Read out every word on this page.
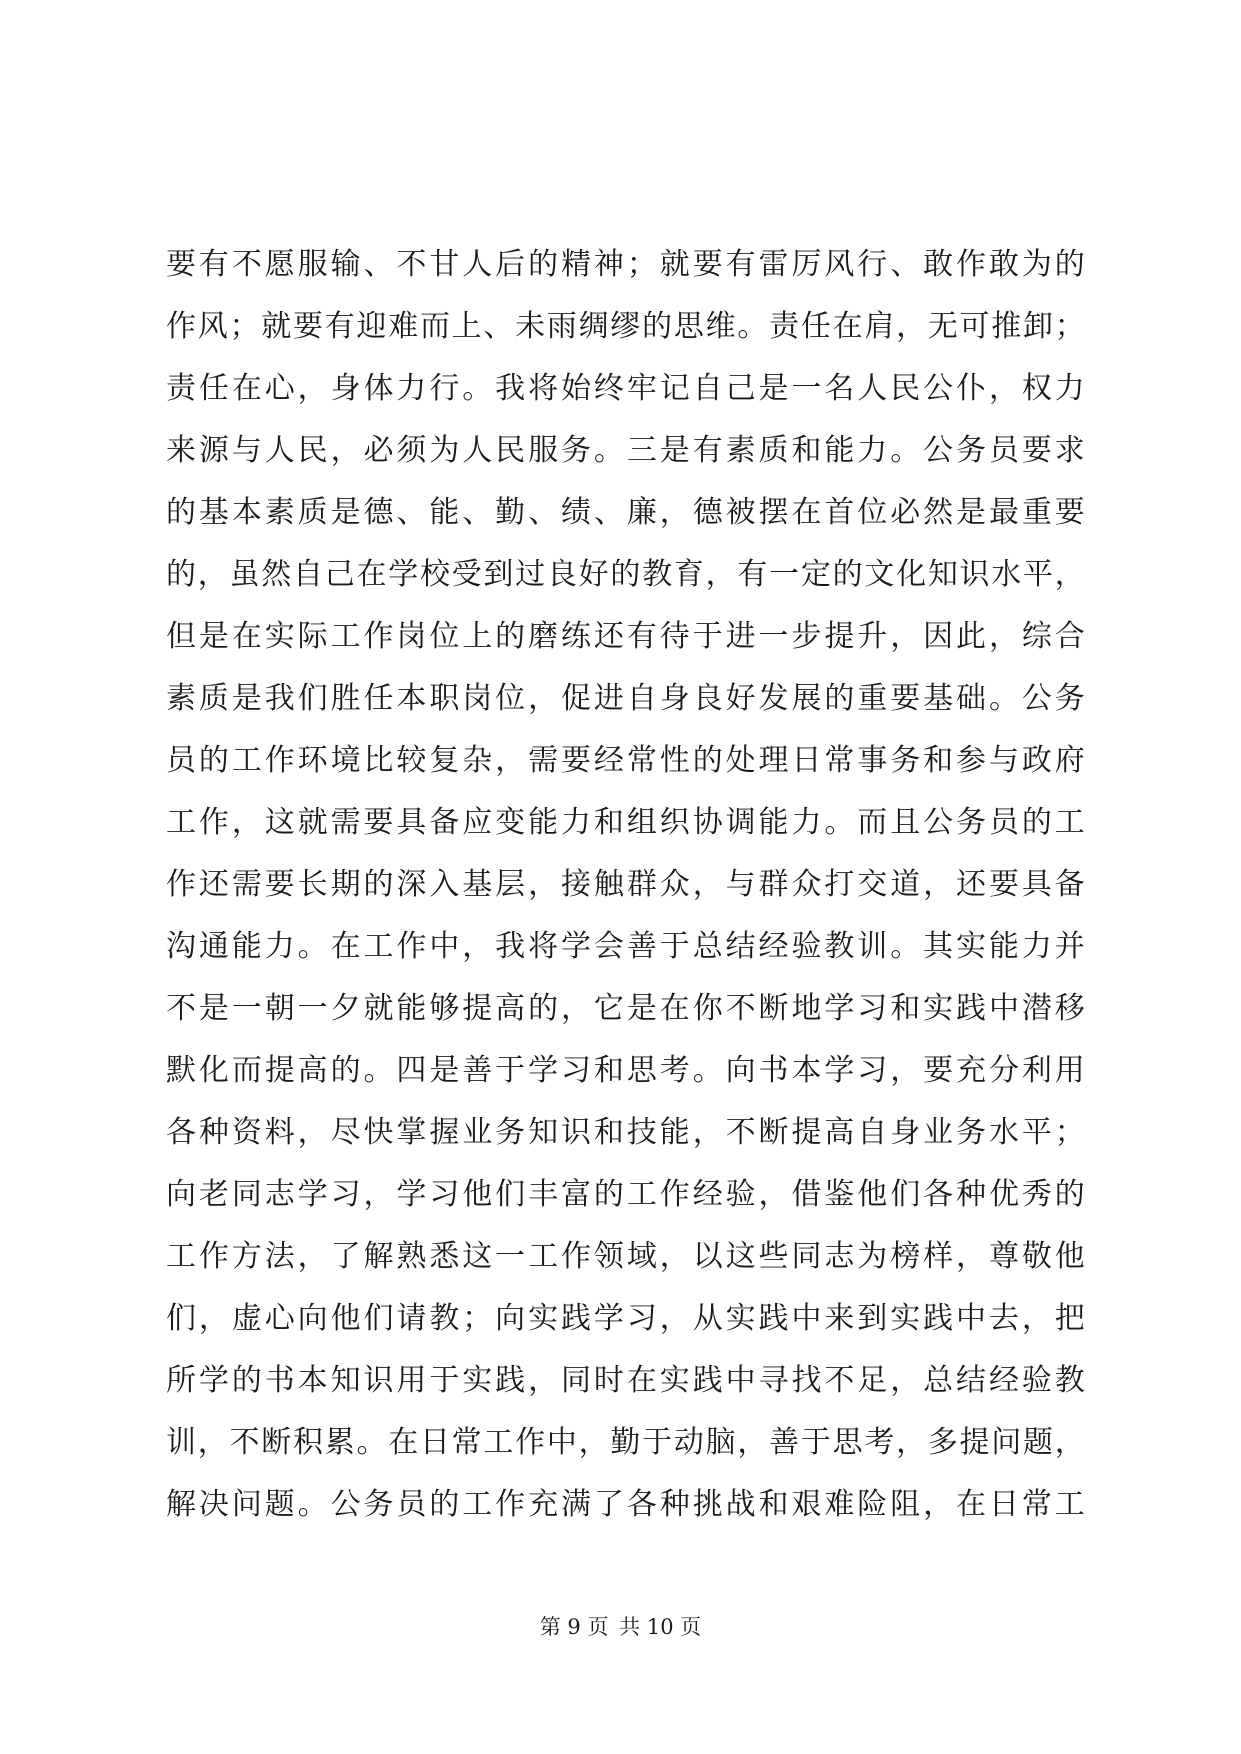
要有不愿服输、不甘人后的精神；就要有雷厉风行、敢作敢为的
作风；就要有迎难而上、未雨绸缪的思维。责任在肩，无可推卸；
责任在心，身体力行。我将始终牢记自己是一名人民公仆，权力
来源与人民，必须为人民服务。三是有素质和能力。公务员要求
的基本素质是德、能、勤、绩、廉，德被摆在首位必然是最重要
的，虽然自己在学校受到过良好的教育，有一定的文化知识水平，
但是在实际工作岗位上的磨练还有待于进一步提升，因此，综合
素质是我们胜任本职岗位，促进自身良好发展的重要基础。公务
员的工作环境比较复杂，需要经常性的处理日常事务和参与政府
工作，这就需要具备应变能力和组织协调能力。而且公务员的工
作还需要长期的深入基层，接触群众，与群众打交道，还要具备
沟通能力。在工作中，我将学会善于总结经验教训。其实能力并
不是一朝一夕就能够提高的，它是在你不断地学习和实践中潜移
默化而提高的。四是善于学习和思考。向书本学习，要充分利用
各种资料，尽快掌握业务知识和技能，不断提高自身业务水平；
向老同志学习，学习他们丰富的工作经验，借鉴他们各种优秀的
工作方法，了解熟悉这一工作领域，以这些同志为榜样，尊敬他
们，虚心向他们请教；向实践学习，从实践中来到实践中去，把
所学的书本知识用于实践，同时在实践中寻找不足，总结经验教
训，不断积累。在日常工作中，勤于动脑，善于思考，多提问题，
解决问题。公务员的工作充满了各种挑战和艰难险阻，在日常工
第 9 页 共 10 页
